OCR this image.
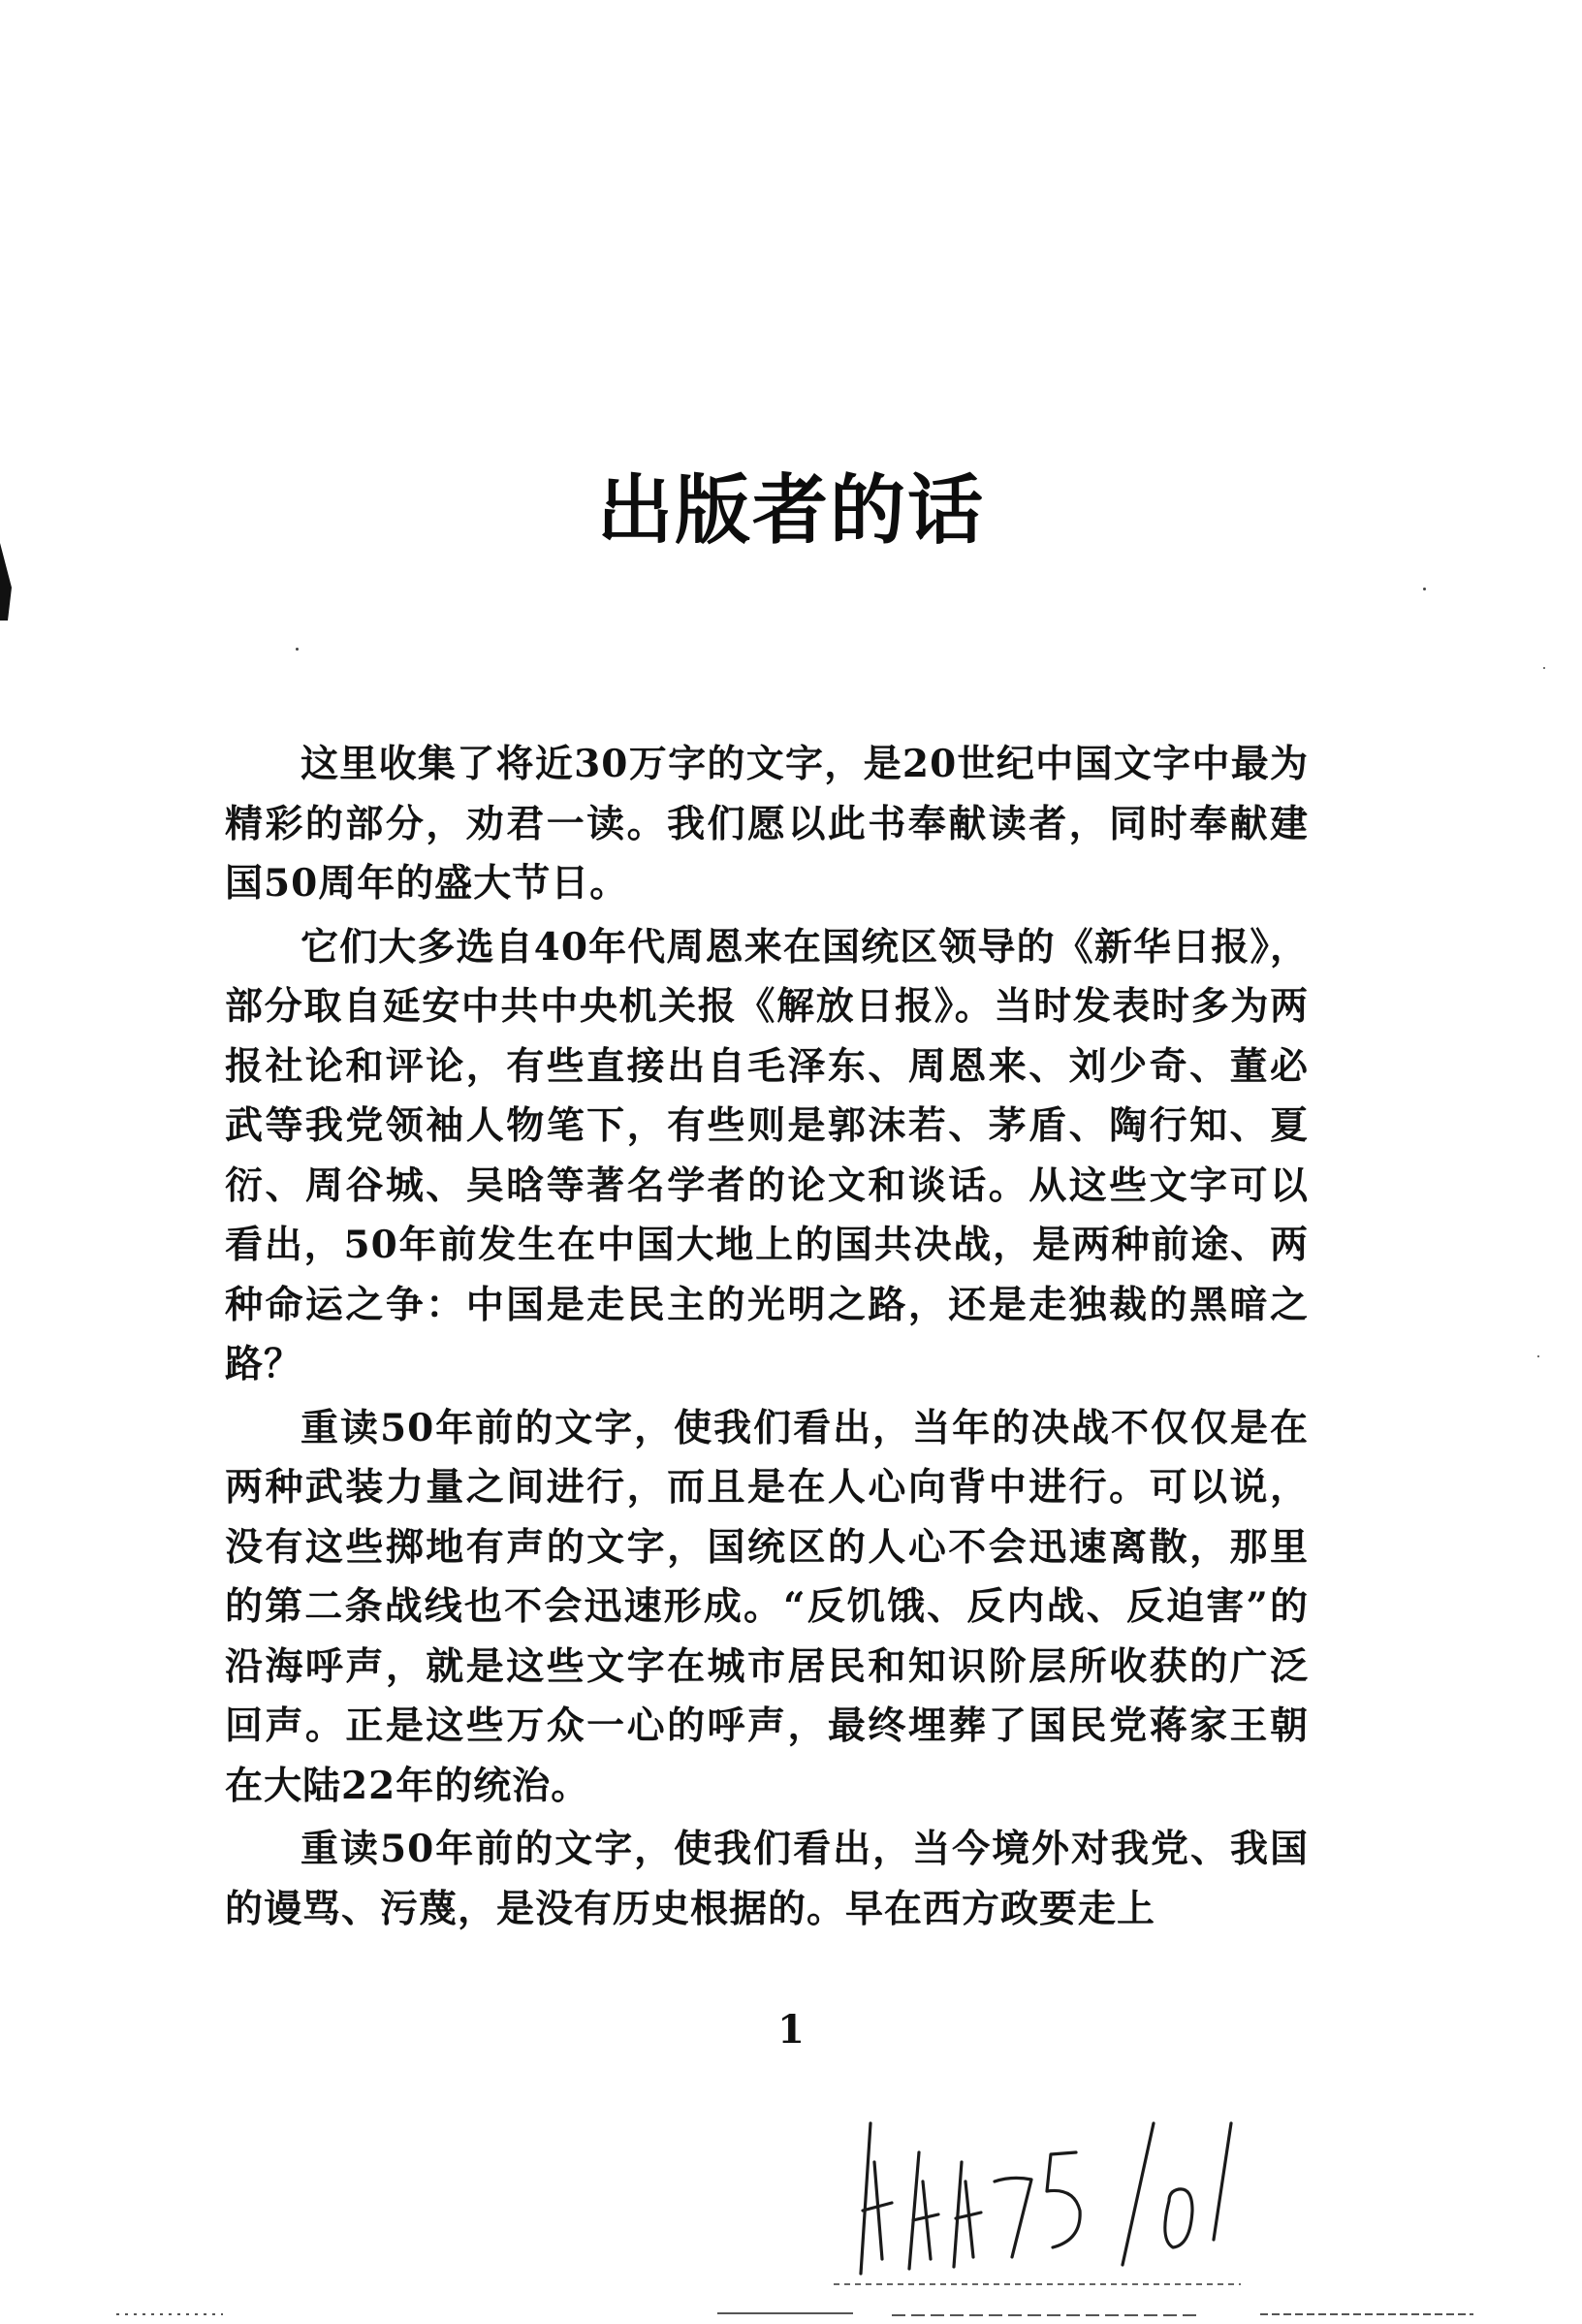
出版者的话

这里收集了将近30万字的文字，是20世纪中国文字中最为精彩的部分，劝君一读。我们愿以此书奉献读者，同时奉献建国50周年的盛大节日。

它们大多选自40年代周恩来在国统区领导的《新华日报》，部分取自延安中共中央机关报《解放日报》。当时发表时多为两报社论和评论，有些直接出自毛泽东、周恩来、刘少奇、董必武等我党领袖人物笔下，有些则是郭沫若、茅盾、陶行知、夏衍、周谷城、吴晗等著名学者的论文和谈话。从这些文字可以看出，50年前发生在中国大地上的国共决战，是两种前途、两种命运之争：中国是走民主的光明之路，还是走独裁的黑暗之路？

重读50年前的文字，使我们看出，当年的决战不仅仅是在两种武装力量之间进行，而且是在人心向背中进行。可以说，没有这些掷地有声的文字，国统区的人心不会迅速离散，那里的第二条战线也不会迅速形成。“反饥饿、反内战、反迫害”的沿海呼声，就是这些文字在城市居民和知识阶层所收获的广泛回声。正是这些万众一心的呼声，最终埋葬了国民党蒋家王朝在大陆22年的统治。

重读50年前的文字，使我们看出，当今境外对我党、我国的谩骂、污蔑，是没有历史根据的。早在西方政要走上

1
